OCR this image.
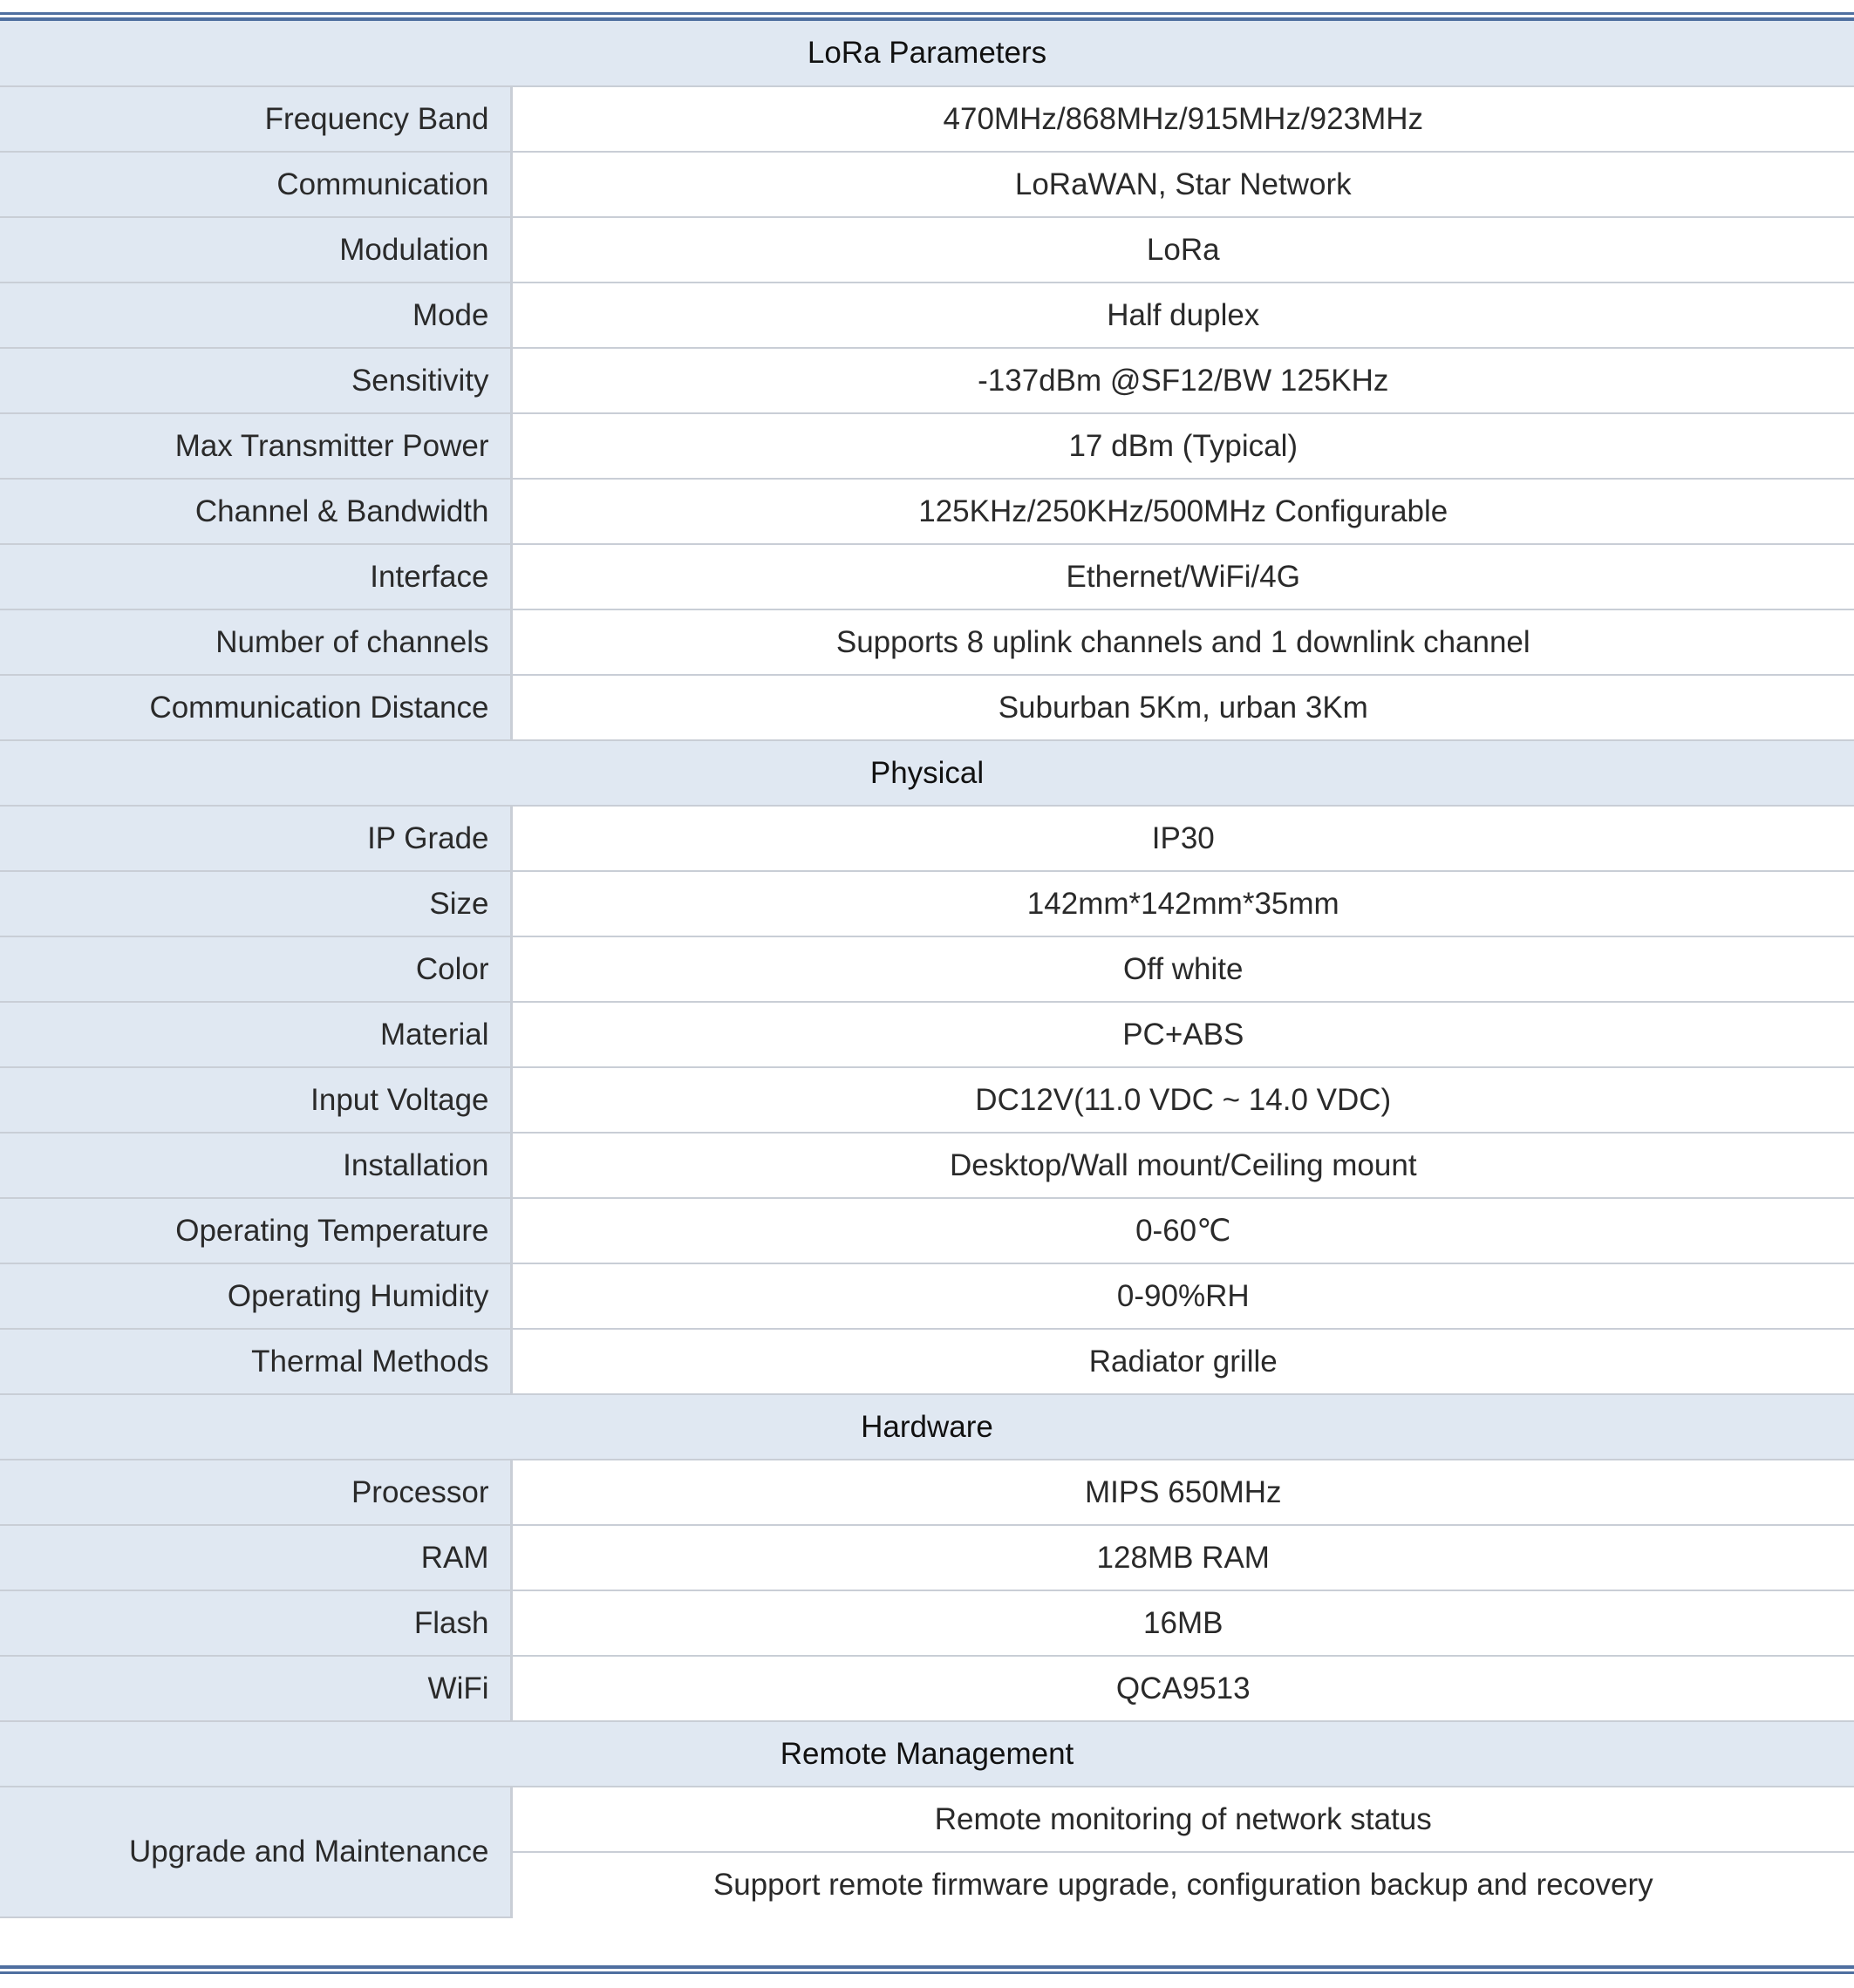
LoRa Parameters	
Frequency Band	470MHz/868MHz/915MHz/923MHz
Communication	LoRaWAN, Star Network
Modulation	LoRa
Mode	Half duplex
Sensitivity	-137dBm @SF12/BW 125KHz
Max Transmitter Power	17 dBm (Typical)
Channel & Bandwidth	125KHz/250KHz/500MHz Configurable
Interface	Ethernet/WiFi/4G
Number of channels	Supports 8 uplink channels and 1 downlink channel
Communication Distance	Suburban 5Km, urban 3Km
Physical	
IP Grade	IP30
Size	142mm*142mm*35mm
Color	Off white
Material	PC+ABS
Input Voltage	DC12V(11.0 VDC ~ 14.0 VDC)
Installation	Desktop/Wall mount/Ceiling mount
Operating Temperature	0-60℃
Operating Humidity	0-90%RH
Thermal Methods	Radiator grille
Hardware	
Processor	MIPS 650MHz
RAM	128MB RAM
Flash	16MB
WiFi	QCA9513
Remote Management	
Upgrade and Maintenance	Remote monitoring of network status
	Support remote firmware upgrade, configuration backup and recovery
